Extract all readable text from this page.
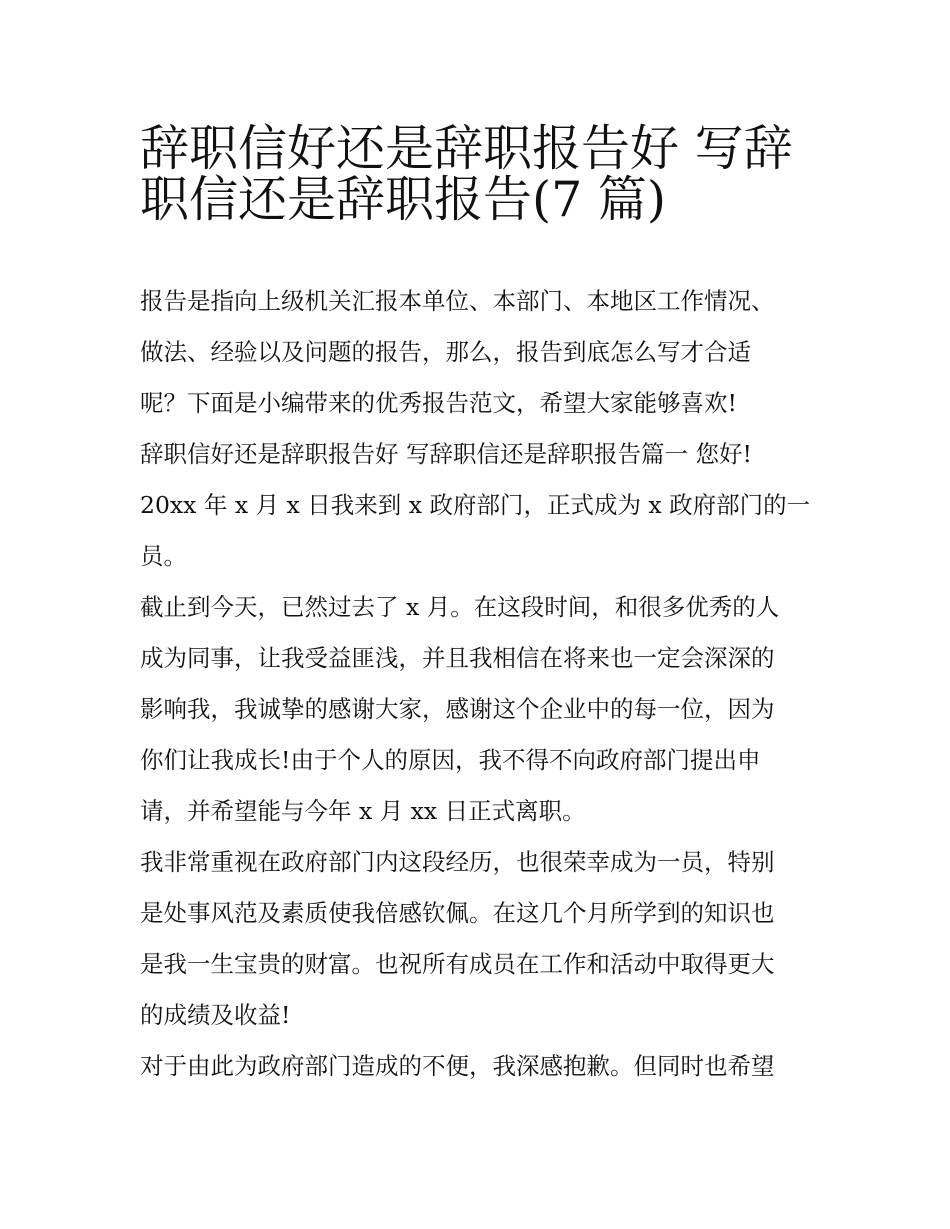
辞职信好还是辞职报告好 写辞
职信还是辞职报告(7 篇)
报告是指向上级机关汇报本单位、本部门、本地区工作情况、
做法、经验以及问题的报告，那么，报告到底怎么写才合适
呢？下面是小编带来的优秀报告范文，希望大家能够喜欢!
辞职信好还是辞职报告好 写辞职信还是辞职报告篇一 您好!
20xx 年 x 月 x 日我来到 x 政府部门，正式成为 x 政府部门的一
员。
截止到今天，已然过去了 x 月。在这段时间，和很多优秀的人
成为同事，让我受益匪浅，并且我相信在将来也一定会深深的
影响我，我诚挚的感谢大家，感谢这个企业中的每一位，因为
你们让我成长!由于个人的原因，我不得不向政府部门提出申
请，并希望能与今年 x 月 xx 日正式离职。
我非常重视在政府部门内这段经历，也很荣幸成为一员，特别
是处事风范及素质使我倍感钦佩。在这几个月所学到的知识也
是我一生宝贵的财富。也祝所有成员在工作和活动中取得更大
的成绩及收益!
对于由此为政府部门造成的不便，我深感抱歉。但同时也希望
